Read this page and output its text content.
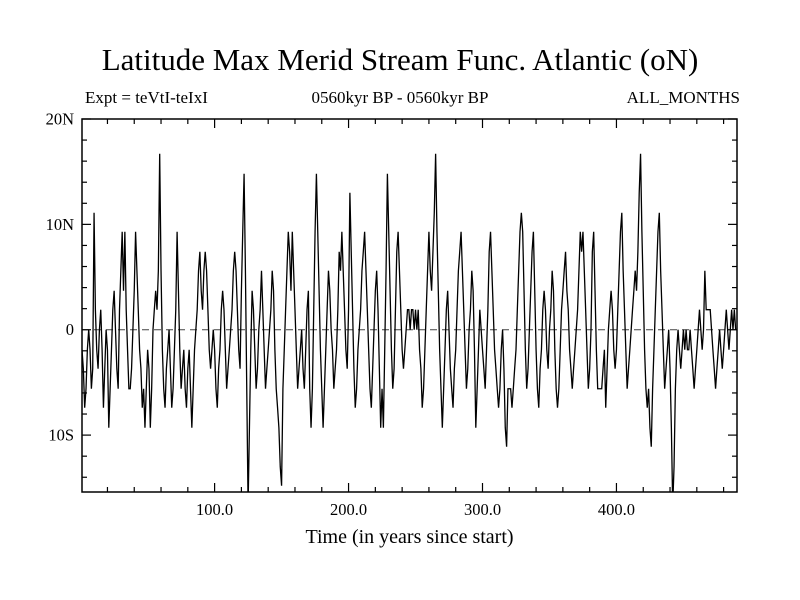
Latitude Max Merid Stream Func. Atlantic (oN)
Expt = teVtI-teIxI	0560kyr BP - 0560kyr BP	ALL_MONTHS
100.0	200.0	300.0	400.0
20N
10N
0
10S
Time (in years since start)
